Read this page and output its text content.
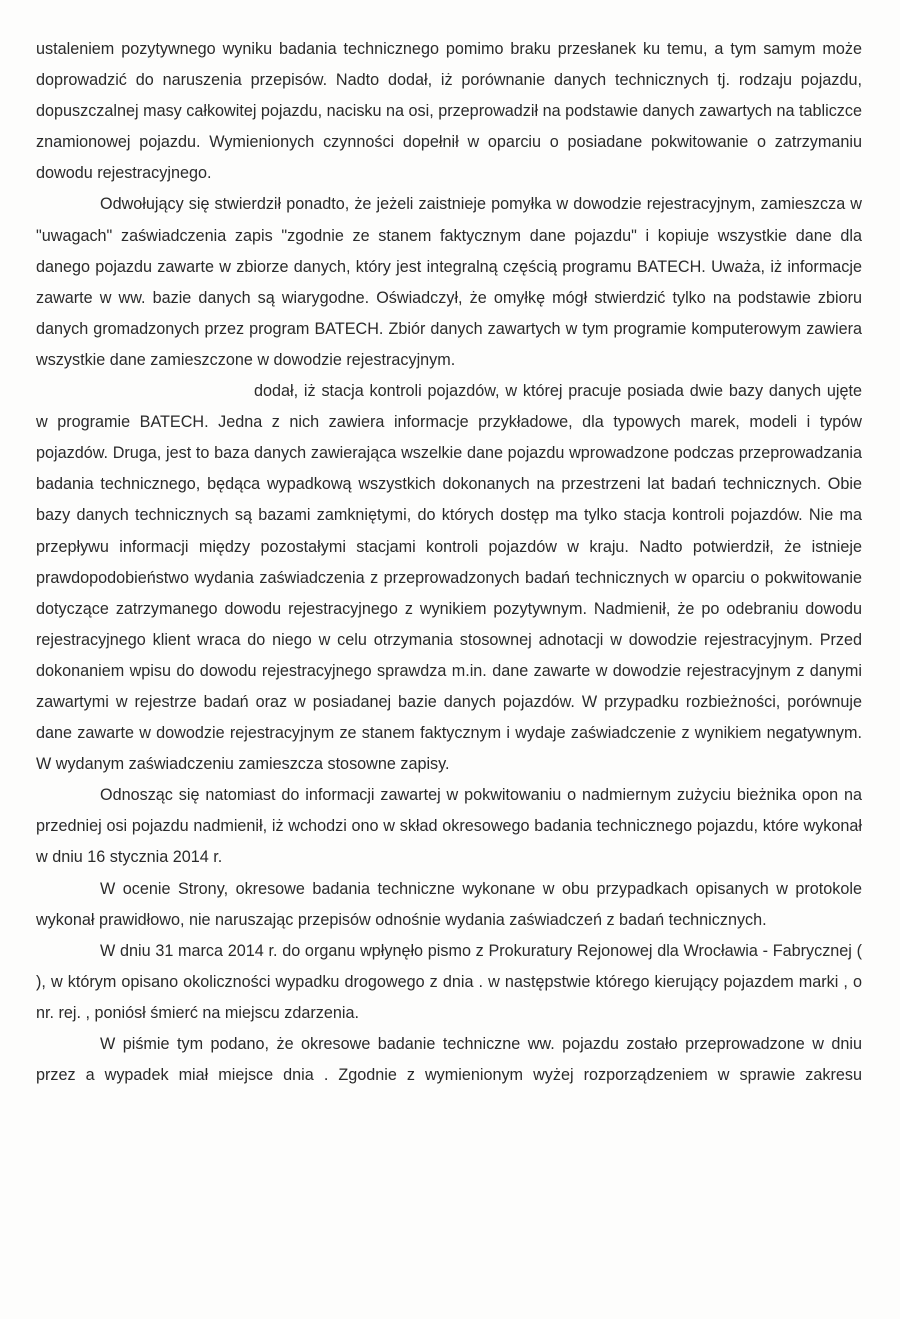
ustaleniem pozytywnego wyniku badania technicznego pomimo braku przesłanek ku temu, a tym samym może doprowadzić do naruszenia przepisów. Nadto dodał, iż porównanie danych technicznych tj. rodzaju pojazdu, dopuszczalnej masy całkowitej pojazdu, nacisku na osi, przeprowadził na podstawie danych zawartych na tabliczce znamionowej pojazdu. Wymienionych czynności dopełnił w oparciu o posiadane pokwitowanie o zatrzymaniu dowodu rejestracyjnego.

Odwołujący się stwierdził ponadto, że jeżeli zaistnieje pomyłka w dowodzie rejestracyjnym, zamieszcza w "uwagach" zaświadczenia zapis "zgodnie ze stanem faktycznym dane pojazdu" i kopiuje wszystkie dane dla danego pojazdu zawarte w zbiorze danych, który jest integralną częścią programu BATECH. Uważa, iż informacje zawarte w ww. bazie danych są wiarygodne. Oświadczył, że omyłkę mógł stwierdzić tylko na podstawie zbioru danych gromadzonych przez program BATECH. Zbiór danych zawartych w tym programie komputerowym zawiera wszystkie dane zamieszczone w dowodzie rejestracyjnym.

dodał, iż stacja kontroli pojazdów, w której pracuje posiada dwie bazy danych ujęte w programie BATECH. Jedna z nich zawiera informacje przykładowe, dla typowych marek, modeli i typów pojazdów. Druga, jest to baza danych zawierająca wszelkie dane pojazdu wprowadzone podczas przeprowadzania badania technicznego, będąca wypadkową wszystkich dokonanych na przestrzeni lat badań technicznych. Obie bazy danych technicznych są bazami zamkniętymi, do których dostęp ma tylko stacja kontroli pojazdów. Nie ma przepływu informacji między pozostałymi stacjami kontroli pojazdów w kraju. Nadto potwierdził, że istnieje prawdopodobieństwo wydania zaświadczenia z przeprowadzonych badań technicznych w oparciu o pokwitowanie dotyczące zatrzymanego dowodu rejestracyjnego z wynikiem pozytywnym. Nadmienił, że po odebraniu dowodu rejestracyjnego klient wraca do niego w celu otrzymania stosownej adnotacji w dowodzie rejestracyjnym. Przed dokonaniem wpisu do dowodu rejestracyjnego sprawdza m.in. dane zawarte w dowodzie rejestracyjnym z danymi zawartymi w rejestrze badań oraz w posiadanej bazie danych pojazdów. W przypadku rozbieżności, porównuje dane zawarte w dowodzie rejestracyjnym ze stanem faktycznym i wydaje zaświadczenie z wynikiem negatywnym. W wydanym zaświadczeniu zamieszcza stosowne zapisy.

Odnosząc się natomiast do informacji zawartej w pokwitowaniu o nadmiernym zużyciu bieżnika opon na przedniej osi pojazdu nadmienił, iż wchodzi ono w skład okresowego badania technicznego pojazdu, które wykonał w dniu 16 stycznia 2014 r.

W ocenie Strony, okresowe badania techniczne wykonane w obu przypadkach opisanych w protokole wykonał prawidłowo, nie naruszając przepisów odnośnie wydania zaświadczeń z badań technicznych.

W dniu 31 marca 2014 r. do organu wpłynęło pismo z Prokuratury Rejonowej dla Wrocławia - Fabrycznej ( ), w którym opisano okoliczności wypadku drogowego z dnia . w następstwie którego kierujący pojazdem marki , o nr. rej. , poniósł śmierć na miejscu zdarzenia.

W piśmie tym podano, że okresowe badanie techniczne ww. pojazdu zostało przeprowadzone w dniu przez a wypadek miał miejsce dnia . Zgodnie z wymienionym wyżej rozporządzeniem w sprawie zakresu
